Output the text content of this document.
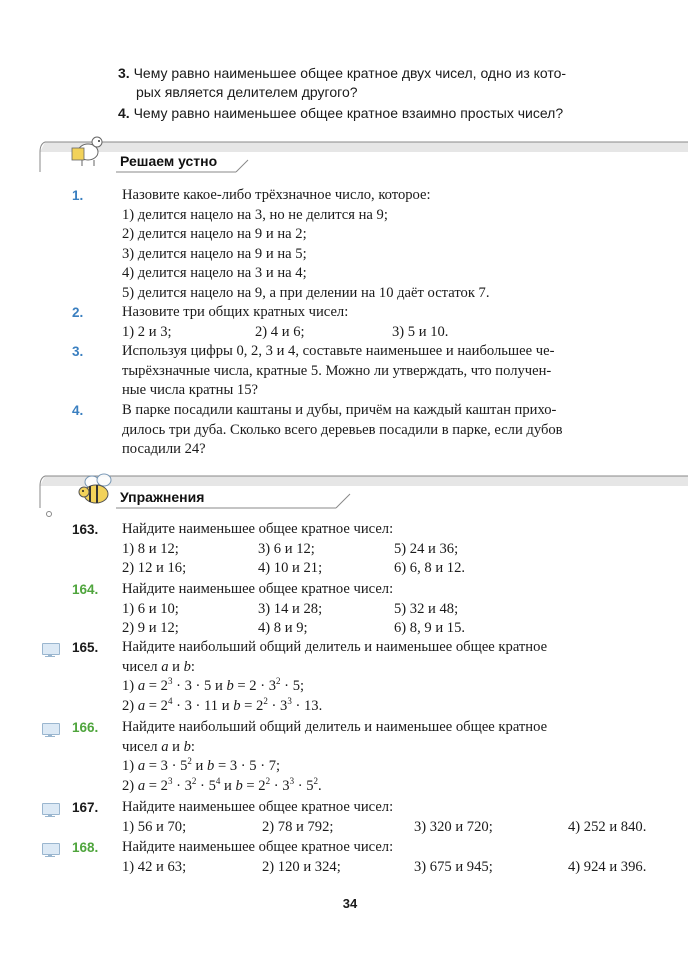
3. Чему равно наименьшее общее кратное двух чисел, одно из кото-
рых является делителем другого?
4. Чему равно наименьшее общее кратное взаимно простых чисел?
Решаем устно
1.	Назовите какое-либо трёхзначное число, которое:
1) делится нацело на 3, но не делится на 9;
2) делится нацело на 9 и на 2;
3) делится нацело на 9 и на 5;
4) делится нацело на 3 и на 4;
5) делится нацело на 9, а при делении на 10 даёт остаток 7.
2.	Назовите три общих кратных чисел:
1) 2 и 3;	2) 4 и 6;	3) 5 и 10.
3.	Используя цифры 0, 2, 3 и 4, составьте наименьшее и наибольшее че-
тырёхзначные числа, кратные 5. Можно ли утверждать, что получен-
ные числа кратны 15?
4.	В парке посадили каштаны и дубы, причём на каждый каштан прихо-
дилось три дуба. Сколько всего деревьев посадили в парке, если дубов
посадили 24?
Упражнения
163.	Найдите наименьшее общее кратное чисел:
1) 8 и 12;	3) 6 и 12;	5) 24 и 36;
2) 12 и 16;	4) 10 и 21;	6) 6, 8 и 12.
164.	Найдите наименьшее общее кратное чисел:
1) 6 и 10;	3) 14 и 28;	5) 32 и 48;
2) 9 и 12;	4) 8 и 9;	6) 8, 9 и 15.
165.	Найдите наибольший общий делитель и наименьшее общее кратное
чисел a и b:
1) $a = 2^3 \cdot 3 \cdot 5$ и $b = 2 \cdot 3^2 \cdot 5$;
2) $a = 2^4 \cdot 3 \cdot 11$ и $b = 2^2 \cdot 3^3 \cdot 13$.
166.	Найдите наибольший общий делитель и наименьшее общее кратное
чисел a и b:
1) $a = 3 \cdot 5^2$ и b = 3 · 5 · 7;
2) $a = 2^3 \cdot 3^2 \cdot 5^4$ и $b = 2^2 \cdot 3^3 \cdot 5^2$.
167.	Найдите наименьшее общее кратное чисел:
1) 56 и 70;	2) 78 и 792;	3) 320 и 720;	4) 252 и 840.
168.	Найдите наименьшее общее кратное чисел:
1) 42 и 63;	2) 120 и 324;	3) 675 и 945;	4) 924 и 396.
34
